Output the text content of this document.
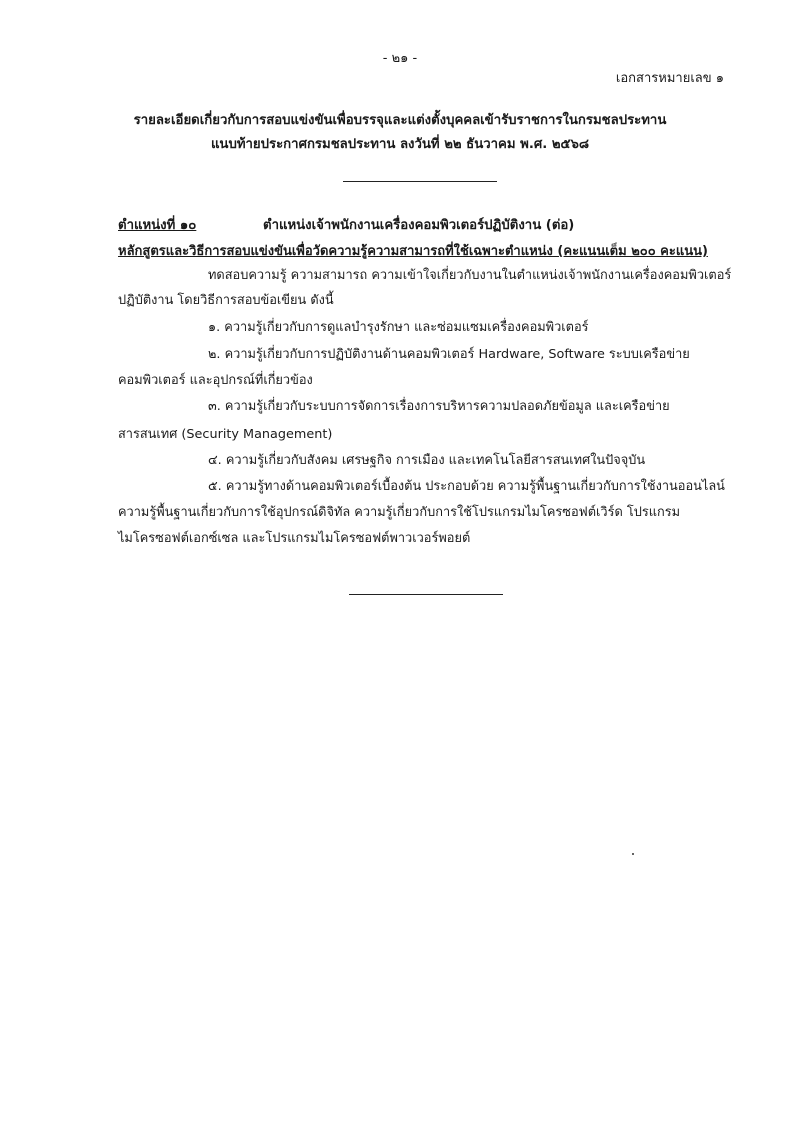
- ๒๑ -
เอกสารหมายเลข ๑
รายละเอียดเกี่ยวกับการสอบแข่งขันเพื่อบรรจุและแต่งตั้งบุคคลเข้ารับราชการในกรมชลประทาน
แนบท้ายประกาศกรมชลประทาน ลงวันที่ ๒๒ ธันวาคม พ.ศ. ๒๕๖๘
ตำแหน่งที่ ๑๐	ตำแหน่งเจ้าพนักงานเครื่องคอมพิวเตอร์ปฏิบัติงาน (ต่อ)
หลักสูตรและวิธีการสอบแข่งขันเพื่อวัดความรู้ความสามารถที่ใช้เฉพาะตำแหน่ง (คะแนนเต็ม ๒๐๐ คะแนน)
ทดสอบความรู้ ความสามารถ ความเข้าใจเกี่ยวกับงานในตำแหน่งเจ้าพนักงานเครื่องคอมพิวเตอร์
ปฏิบัติงาน โดยวิธีการสอบข้อเขียน ดังนี้
๑. ความรู้เกี่ยวกับการดูแลบำรุงรักษา และซ่อมแซมเครื่องคอมพิวเตอร์
๒. ความรู้เกี่ยวกับการปฏิบัติงานด้านคอมพิวเตอร์ Hardware, Software ระบบเครือข่าย
คอมพิวเตอร์ และอุปกรณ์ที่เกี่ยวข้อง
๓. ความรู้เกี่ยวกับระบบการจัดการเรื่องการบริหารความปลอดภัยข้อมูล และเครือข่าย
สารสนเทศ (Security Management)
๔. ความรู้เกี่ยวกับสังคม เศรษฐกิจ การเมือง และเทคโนโลยีสารสนเทศในปัจจุบัน
๕. ความรู้ทางด้านคอมพิวเตอร์เบื้องต้น ประกอบด้วย ความรู้พื้นฐานเกี่ยวกับการใช้งานออนไลน์
ความรู้พื้นฐานเกี่ยวกับการใช้อุปกรณ์ดิจิทัล ความรู้เกี่ยวกับการใช้โปรแกรมไมโครซอฟต์เวิร์ด โปรแกรม
ไมโครซอฟต์เอกซ์เซล และโปรแกรมไมโครซอฟต์พาวเวอร์พอยต์
